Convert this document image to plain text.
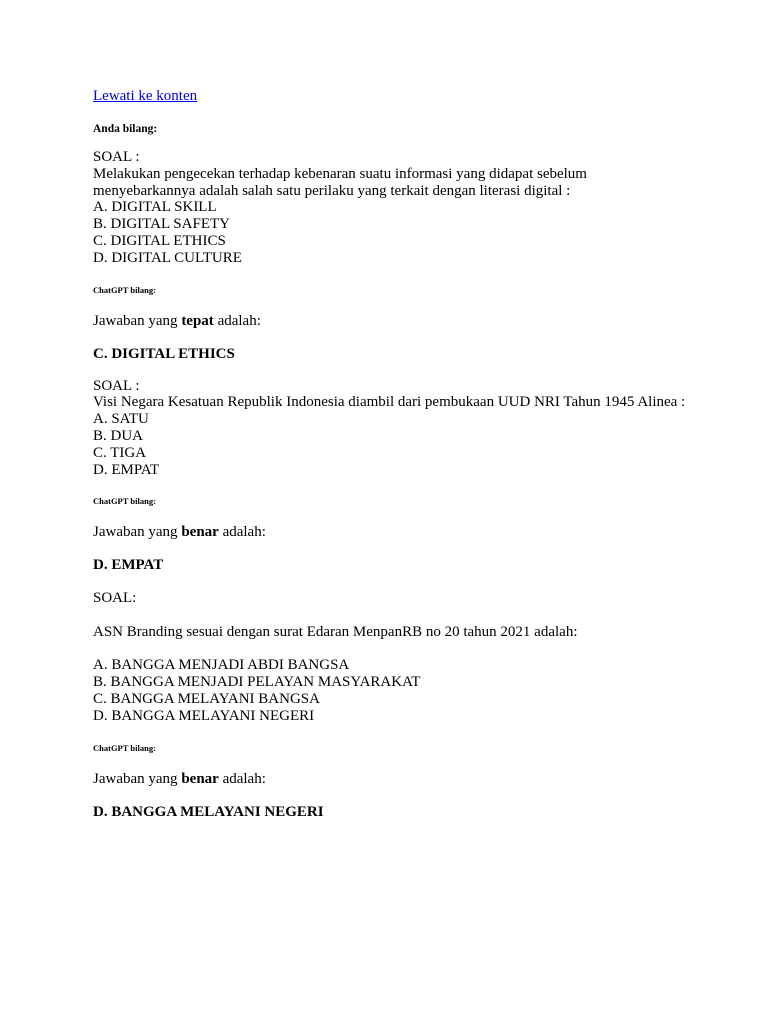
Lewati ke konten
Anda bilang:
SOAL :
Melakukan pengecekan terhadap kebenaran suatu informasi yang didapat sebelum menyebarkannya adalah salah satu perilaku yang terkait dengan literasi digital :
A. DIGITAL SKILL
B. DIGITAL SAFETY
C. DIGITAL ETHICS
D. DIGITAL CULTURE
ChatGPT bilang:
Jawaban yang tepat adalah:
C. DIGITAL ETHICS
SOAL :
Visi Negara Kesatuan Republik Indonesia diambil dari pembukaan UUD NRI Tahun 1945 Alinea :
A. SATU
B. DUA
C. TIGA
D. EMPAT
ChatGPT bilang:
Jawaban yang benar adalah:
D. EMPAT
SOAL:
ASN Branding sesuai dengan surat Edaran MenpanRB no 20 tahun 2021 adalah:
A. BANGGA MENJADI ABDI BANGSA
B. BANGGA MENJADI PELAYAN MASYARAKAT
C. BANGGA MELAYANI BANGSA
D. BANGGA MELAYANI NEGERI
ChatGPT bilang:
Jawaban yang benar adalah:
D. BANGGA MELAYANI NEGERI
